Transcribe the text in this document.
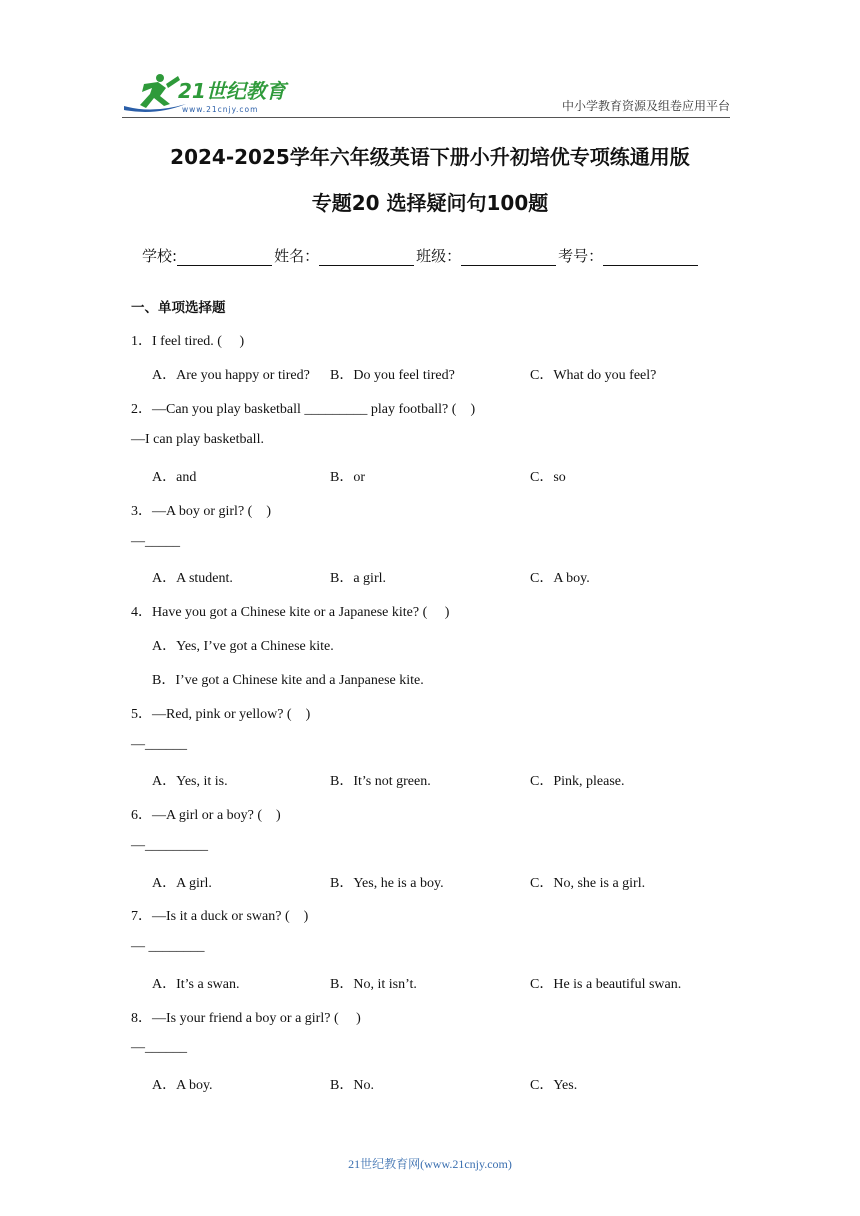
21世纪教育
www.21cnjy.com	中小学教育资源及组卷应用平台
2024-2025学年六年级英语下册小升初培优专项练通用版
专题20 选择疑问句100题
学校:	姓名：	班级：	考号：
一、单项选择题
1．I feel tired. (     )
A．Are you happy or tired? B．Do you feel tired?	C．What do you feel?
2．—Can you play basketball _________ play football? (    )
—I can play basketball.
A．and	B．or	C．so
3．—A boy or girl? (    )
—_____
A．A student.	B．a girl.	C．A boy.
4．Have you got a Chinese kite or a Japanese kite? (     )
A．Yes, I’ve got a Chinese kite.
B．I’ve got a Chinese kite and a Janpanese kite.
5．—Red, pink or yellow? (    )
—______
A．Yes, it is.	B．It’s not green.	C．Pink, please.
6．—A girl or a boy? (    )
—_________
A．A girl.	B．Yes, he is a boy.	C．No, she is a girl.
7．—Is it a duck or swan? (    )
— ________
A．It’s a swan.	B．No, it isn’t.	C．He is a beautiful swan.
8．—Is your friend a boy or a girl? (     )
—______
A．A boy.	B．No.	C．Yes.
21世纪教育网(www.21cnjy.com)
